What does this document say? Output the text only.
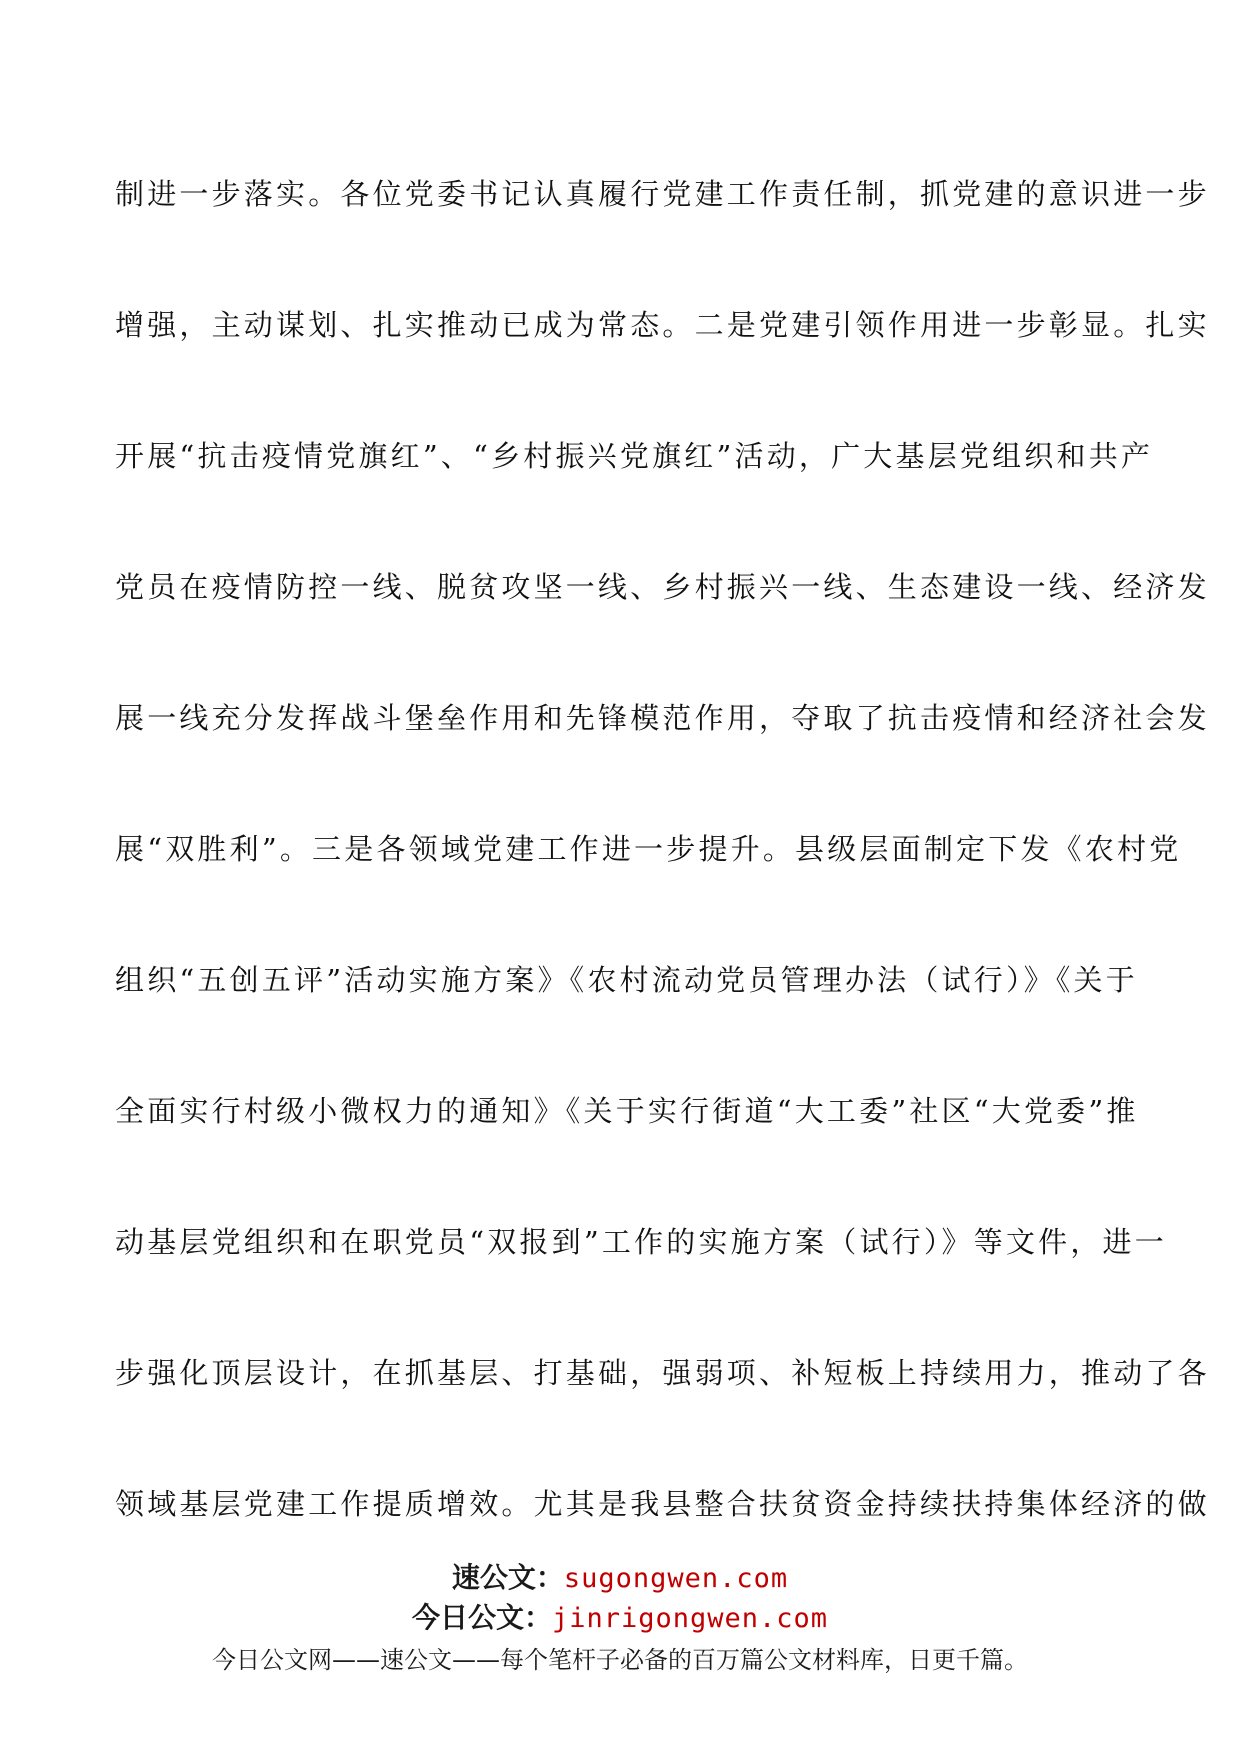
制进一步落实。各位党委书记认真履行党建工作责任制，抓党建的意识进一步
增强，主动谋划、扎实推动已成为常态。二是党建引领作用进一步彰显。扎实
开展“抗击疫情党旗红”、“乡村振兴党旗红”活动，广大基层党组织和共产
党员在疫情防控一线、脱贫攻坚一线、乡村振兴一线、生态建设一线、经济发
展一线充分发挥战斗堡垒作用和先锋模范作用，夺取了抗击疫情和经济社会发
展“双胜利”。三是各领域党建工作进一步提升。县级层面制定下发《农村党
组织“五创五评”活动实施方案》《农村流动党员管理办法（试行）》《关于
全面实行村级小微权力的通知》《关于实行街道“大工委”社区“大党委”推
动基层党组织和在职党员“双报到”工作的实施方案（试行）》等文件，进一
步强化顶层设计，在抓基层、打基础，强弱项、补短板上持续用力，推动了各
领域基层党建工作提质增效。尤其是我县整合扶贫资金持续扶持集体经济的做
速公文：sugongwen.com
今日公文：jinrigongwen.com
今日公文网——速公文——每个笔杆子必备的百万篇公文材料库，日更千篇。
